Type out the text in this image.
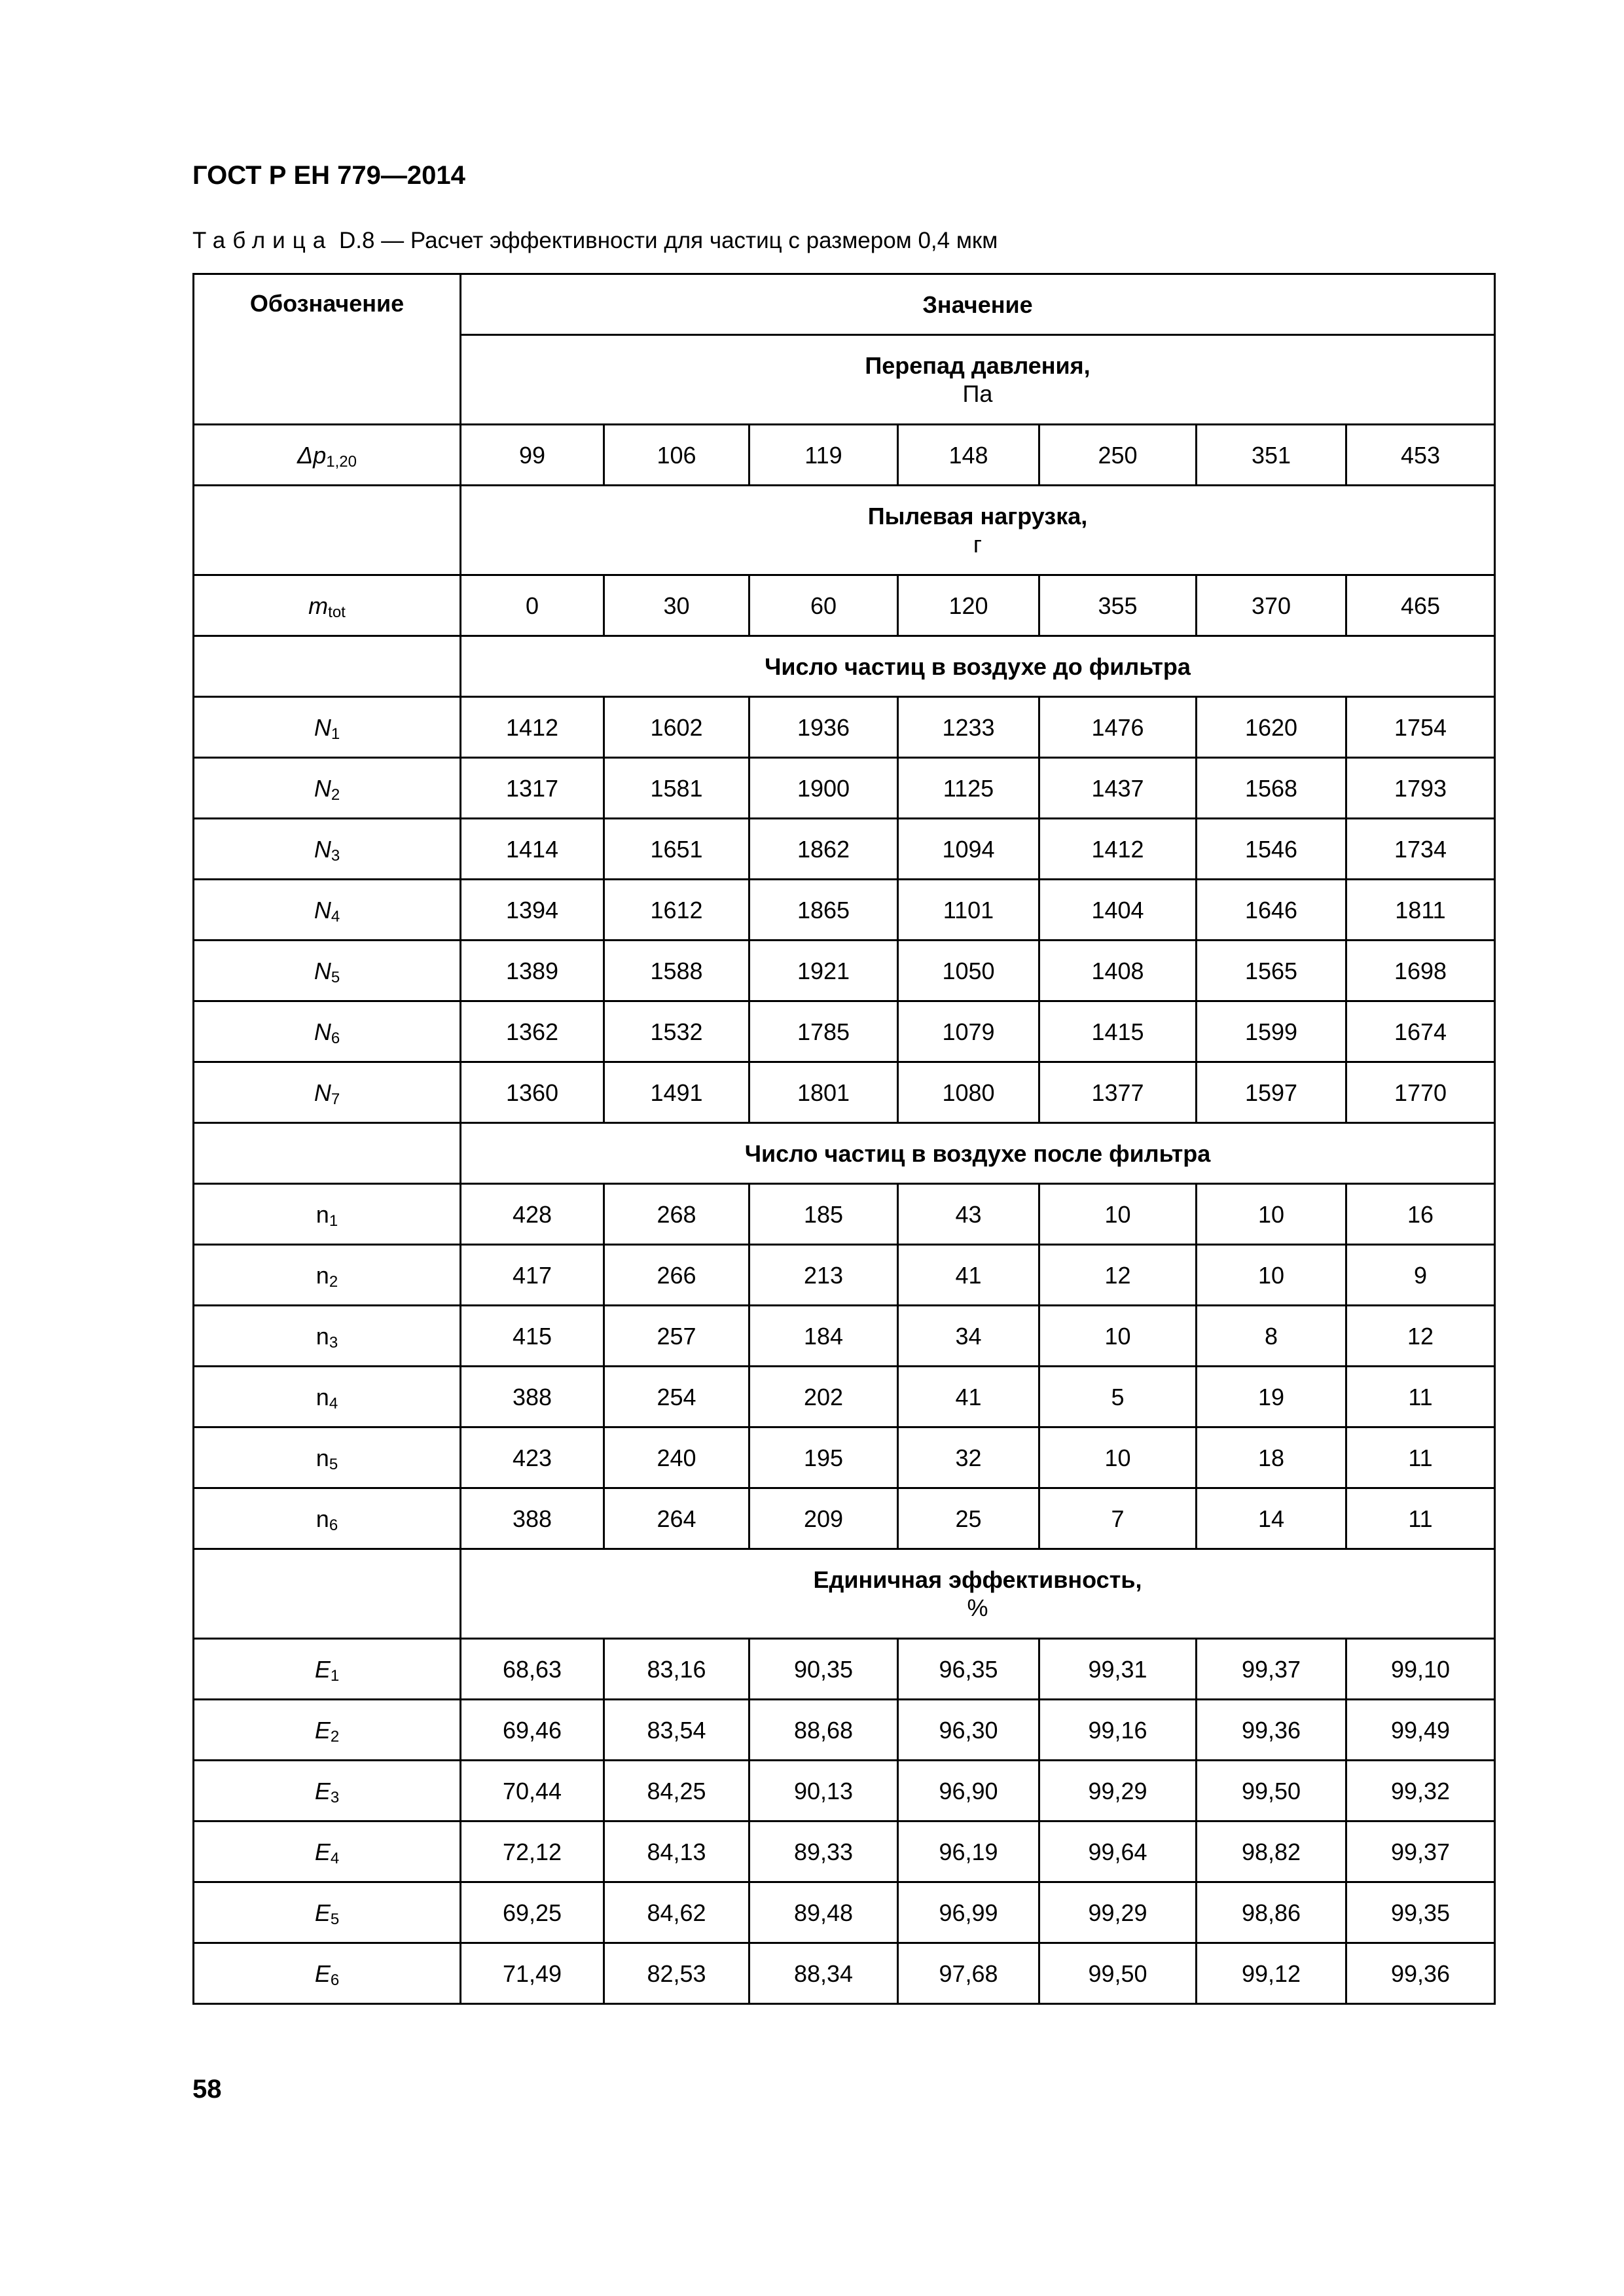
ГОСТ Р ЕН 779—2014
Таблица D.8 — Расчет эффективности для частиц с размером 0,4 мкм
Обозначение	Значение						

	Перепад давления,
Па						

$\Delta p_{1,20}$	99	106	119	148	250	351	453

	Пылевая нагрузка,
г						

$m_{tot}$	0	30	60	120	355	370	465

	Число частиц в воздухе до фильтра						

$N_1$	1412	1602	1936	1233	1476	1620	1754
$N_2$	1317	1581	1900	1125	1437	1568	1793
$N_3$	1414	1651	1862	1094	1412	1546	1734
$N_4$	1394	1612	1865	1101	1404	1646	1811
$N_5$	1389	1588	1921	1050	1408	1565	1698
$N_6$	1362	1532	1785	1079	1415	1599	1674
$N_7$	1360	1491	1801	1080	1377	1597	1770

	Число частиц в воздухе после фильтра						

$n_1$	428	268	185	43	10	10	16
$n_2$	417	266	213	41	12	10	9
$n_3$	415	257	184	34	10	8	12
$n_4$	388	254	202	41	5	19	11
$n_5$	423	240	195	32	10	18	11
$n_6$	388	264	209	25	7	14	11

	Единичная эффективность,
%						

$E_1$	68,63	83,16	90,35	96,35	99,31	99,37	99,10
$E_2$	69,46	83,54	88,68	96,30	99,16	99,36	99,49
$E_3$	70,44	84,25	90,13	96,90	99,29	99,50	99,32
$E_4$	72,12	84,13	89,33	96,19	99,64	98,82	99,37
$E_5$	69,25	84,62	89,48	96,99	99,29	98,86	99,35
$E_6$	71,49	82,53	88,34	97,68	99,50	99,12	99,36
58
